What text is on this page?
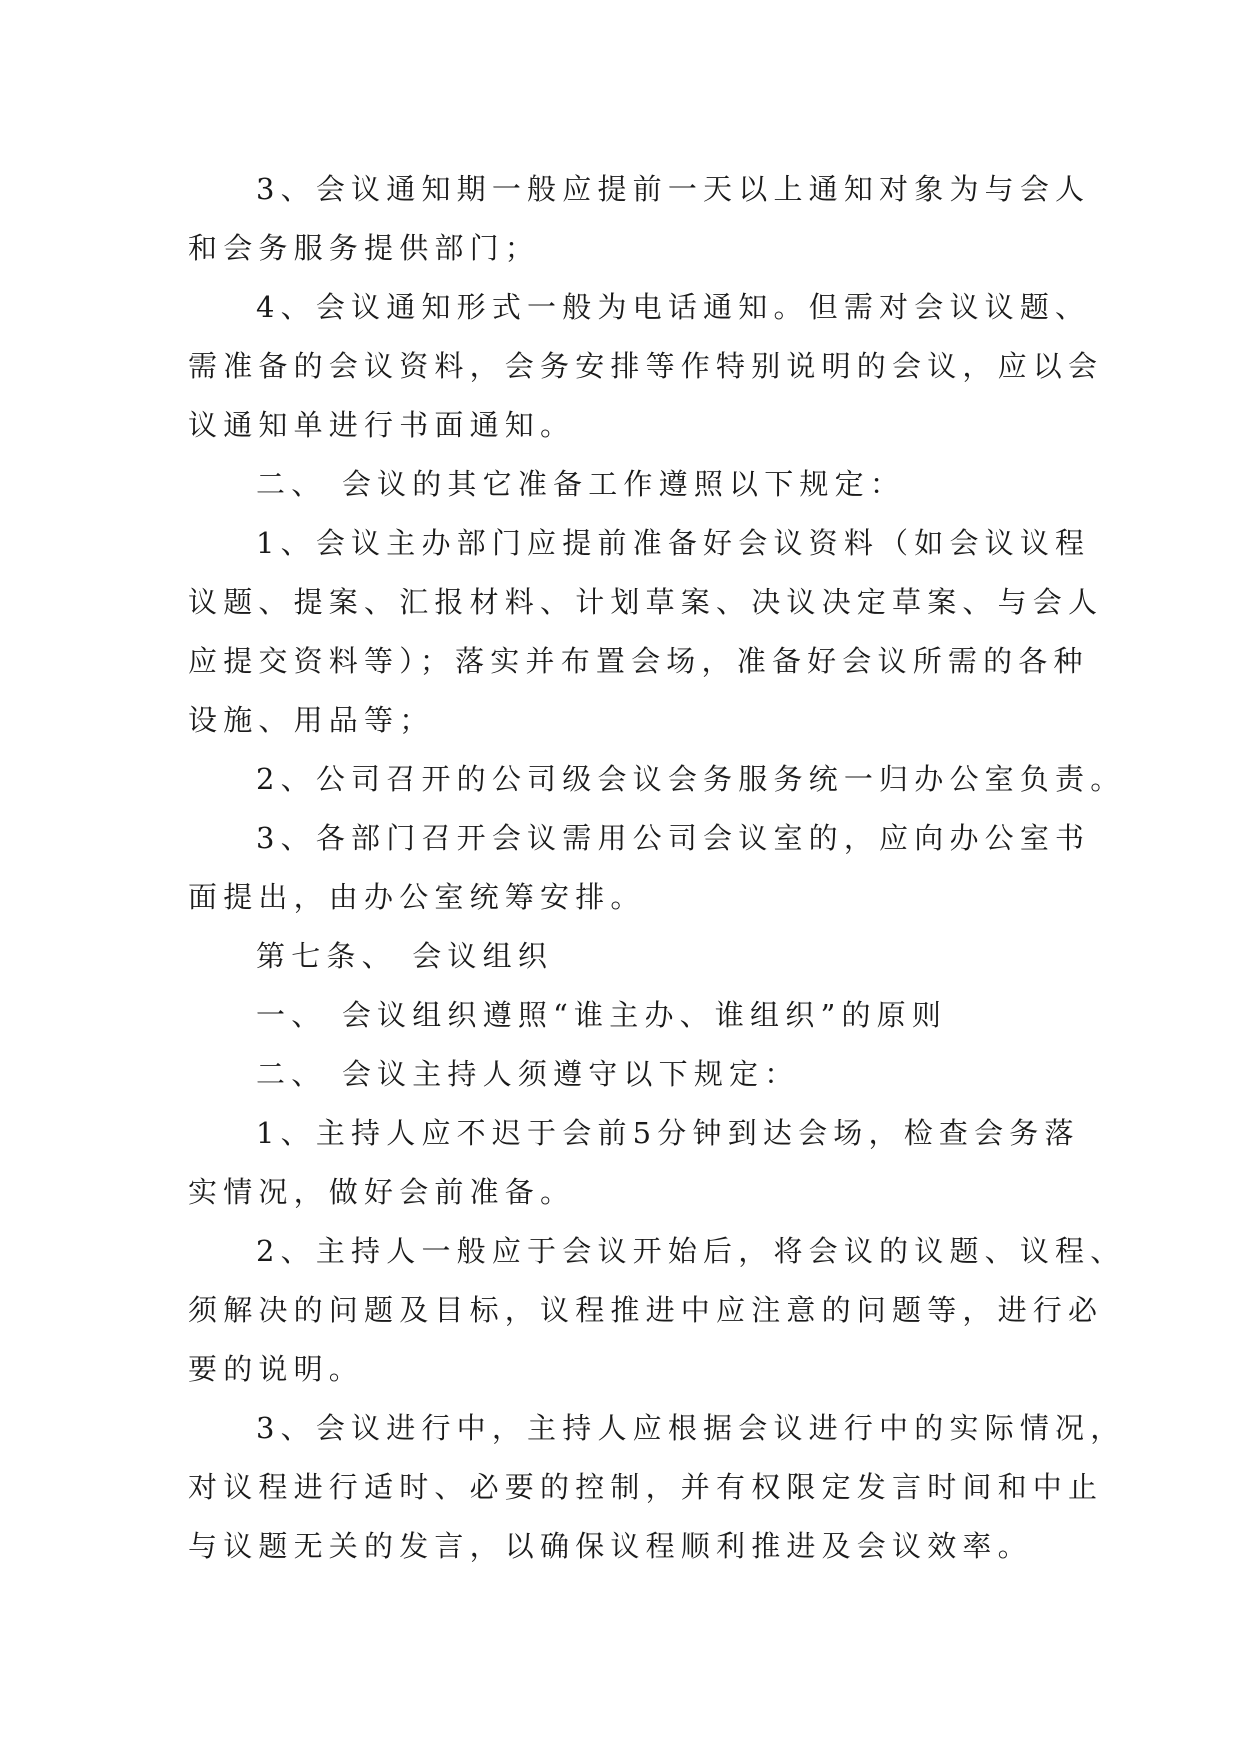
3、会议通知期一般应提前一天以上通知对象为与会人
和会务服务提供部门；
4、会议通知形式一般为电话通知。但需对会议议题、
需准备的会议资料，会务安排等作特别说明的会议，应以会
议通知单进行书面通知。
二、 会议的其它准备工作遵照以下规定：
1、会议主办部门应提前准备好会议资料（如会议议程
议题、提案、汇报材料、计划草案、决议决定草案、与会人
应提交资料等）；落实并布置会场，准备好会议所需的各种
设施、用品等；
2、公司召开的公司级会议会务服务统一归办公室负责。
3、各部门召开会议需用公司会议室的，应向办公室书
面提出，由办公室统筹安排。
第七条、 会议组织
一、 会议组织遵照“谁主办、谁组织”的原则
二、 会议主持人须遵守以下规定：
1、主持人应不迟于会前5分钟到达会场，检查会务落
实情况，做好会前准备。
2、主持人一般应于会议开始后，将会议的议题、议程、
须解决的问题及目标，议程推进中应注意的问题等，进行必
要的说明。
3、会议进行中，主持人应根据会议进行中的实际情况，
对议程进行适时、必要的控制，并有权限定发言时间和中止
与议题无关的发言，以确保议程顺利推进及会议效率。
